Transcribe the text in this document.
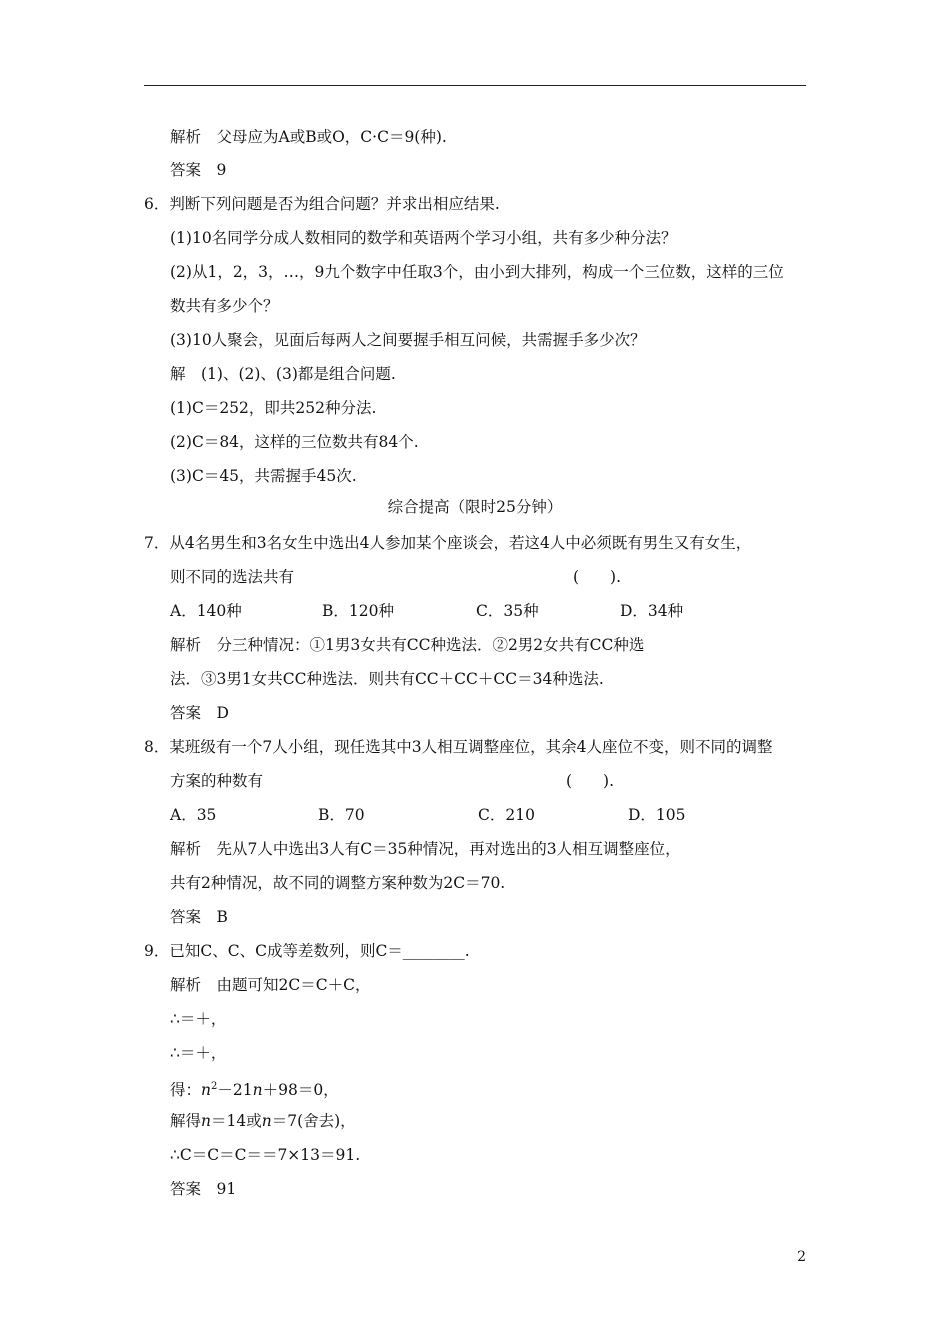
解析　父母应为A或B或O，C·C＝9(种).
答案　9
6．判断下列问题是否为组合问题？并求出相应结果.
(1)10名同学分成人数相同的数学和英语两个学习小组，共有多少种分法？
(2)从1，2，3，…，9九个数字中任取3个，由小到大排列，构成一个三位数，这样的三位
数共有多少个？
(3)10人聚会，见面后每两人之间要握手相互问候，共需握手多少次？
解　(1)、(2)、(3)都是组合问题.
(1)C＝252，即共252种分法.
(2)C＝84，这样的三位数共有84个.
(3)C＝45，共需握手45次.
综合提高（限时25分钟）
7．从4名男生和3名女生中选出4人参加某个座谈会，若这4人中必须既有男生又有女生，
则不同的选法共有	(　　).
A．140种	B．120种	C．35种	D．34种
解析　分三种情况：①1男3女共有CC种选法．②2男2女共有CC种选
法．③3男1女共CC种选法．则共有CC＋CC＋CC＝34种选法.
答案　D
8．某班级有一个7人小组，现任选其中3人相互调整座位，其余4人座位不变，则不同的调整
方案的种数有	(　　).
A．35	B．70	C．210	D．105
解析　先从7人中选出3人有C＝35种情况，再对选出的3人相互调整座位，
共有2种情况，故不同的调整方案种数为2C＝70.
答案　B
9．已知C、C、C成等差数列，则C＝________.
解析　由题可知2C＝C＋C，
∴＝＋，
∴＝＋，
得：$n^2-21n+98=0$，
解得n＝14或n＝7(舍去)，
∴C＝C＝C＝＝7×13＝91.
答案　91
2
